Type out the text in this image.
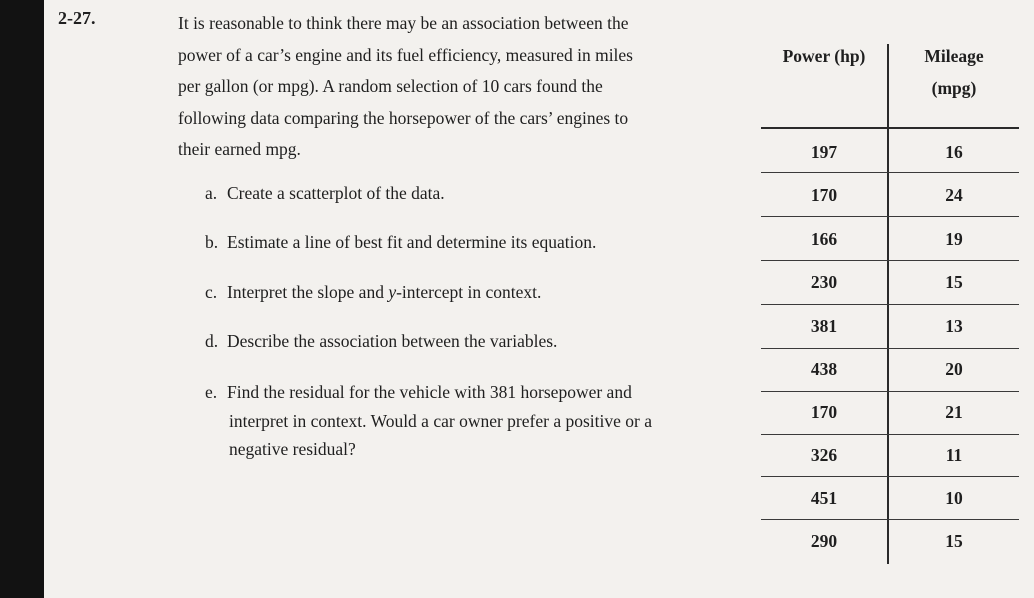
2-27.	It is reasonable to think there may be an association between the
power of a car’s engine and its fuel efficiency, measured in miles
per gallon (or mpg). A random selection of 10 cars found the
following data comparing the horsepower of the cars’ engines to
their earned mpg.
a. Create a scatterplot of the data.
b. Estimate a line of best fit and determine its equation.
c. Interpret the slope and y-intercept in context.
d. Describe the association between the variables.
e. Find the residual for the vehicle with 381 horsepower and
interpret in context. Would a car owner prefer a positive or a
negative residual?
Power (hp)	Mileage
(mpg)
197	16
170	24
166	19
230	15
381	13
438	20
170	21
326	11
451	10
290	15
